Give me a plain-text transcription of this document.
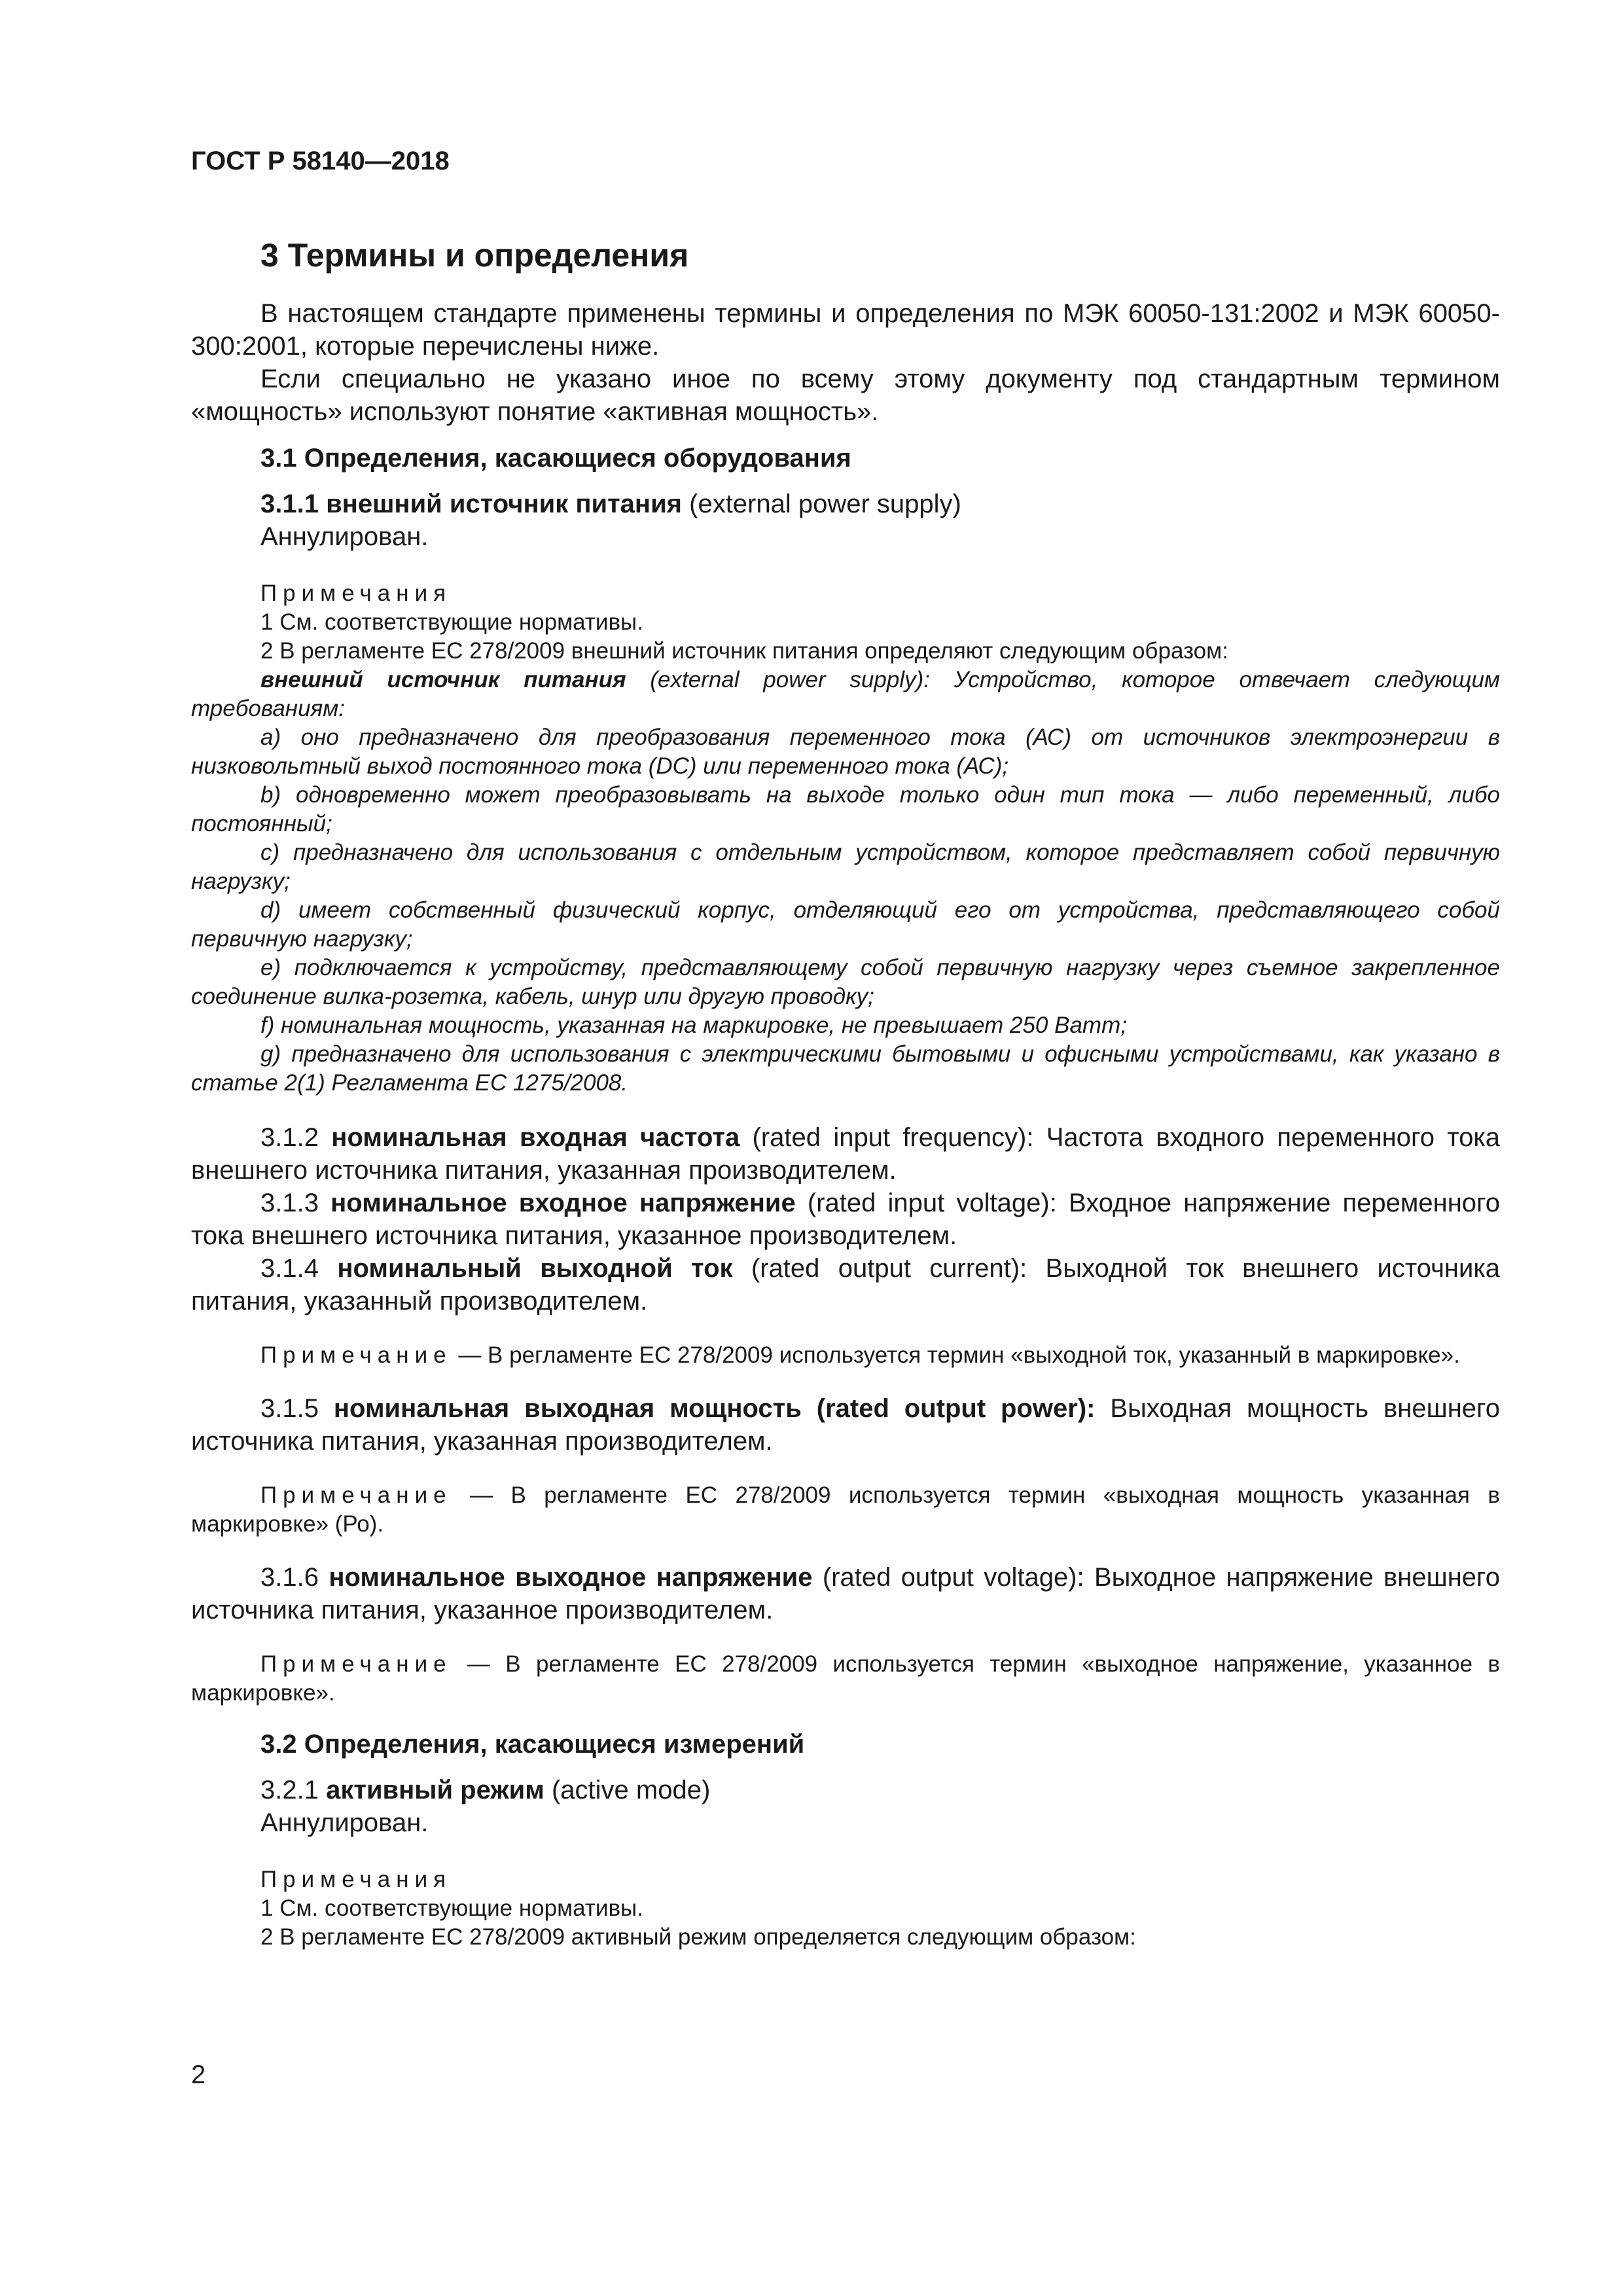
ГОСТ Р 58140—2018
3 Термины и определения

В настоящем стандарте применены термины и определения по МЭК 60050-131:2002 и МЭК 60050-300:2001, которые перечислены ниже.

Если специально не указано иное по всему этому документу под стандартным термином «мощность» используют понятие «активная мощность».

3.1 Определения, касающиеся оборудования

3.1.1 внешний источник питания (external power supply)

Аннулирован.

Примечания

1 См. соответствующие нормативы.

2 В регламенте ЕС 278/2009 внешний источник питания определяют следующим образом:

внешний источник питания (external power supply): Устройство, которое отвечает следующим требованиям:

a) оно предназначено для преобразования переменного тока (АС) от источников электроэнергии в низковольтный выход постоянного тока (DC) или переменного тока (АС);

b) одновременно может преобразовывать на выходе только один тип тока — либо переменный, либо постоянный;

c) предназначено для использования с отдельным устройством, которое представляет собой первичную нагрузку;

d) имеет собственный физический корпус, отделяющий его от устройства, представляющего собой первичную нагрузку;

e) подключается к устройству, представляющему собой первичную нагрузку через съемное закрепленное соединение вилка-розетка, кабель, шнур или другую проводку;

f) номинальная мощность, указанная на маркировке, не превышает 250 Ватт;

g) предназначено для использования с электрическими бытовыми и офисными устройствами, как указано в статье 2(1) Регламента ЕС 1275/2008.

3.1.2 номинальная входная частота (rated input frequency): Частота входного переменного тока внешнего источника питания, указанная производителем.

3.1.3 номинальное входное напряжение (rated input voltage): Входное напряжение переменного тока внешнего источника питания, указанное производителем.

3.1.4 номинальный выходной ток (rated output current): Выходной ток внешнего источника питания, указанный производителем.

Примечание — В регламенте ЕС 278/2009 используется термин «выходной ток, указанный в маркировке».

3.1.5 номинальная выходная мощность (rated output power): Выходная мощность внешнего источника питания, указанная производителем.

Примечание — В регламенте ЕС 278/2009 используется термин «выходная мощность указанная в маркировке» (Ро).

3.1.6 номинальное выходное напряжение (rated output voltage): Выходное напряжение внешнего источника питания, указанное производителем.

Примечание — В регламенте ЕС 278/2009 используется термин «выходное напряжение, указанное в маркировке».

3.2 Определения, касающиеся измерений

3.2.1 активный режим (active mode)

Аннулирован.

Примечания

1 См. соответствующие нормативы.

2 В регламенте ЕС 278/2009 активный режим определяется следующим образом:

2
